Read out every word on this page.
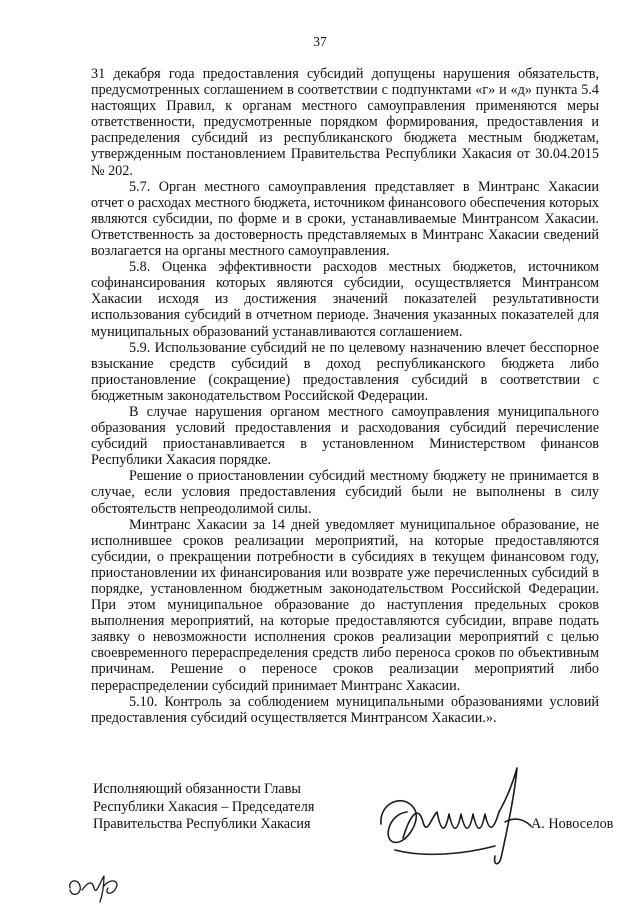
37

31 декабря года предоставления субсидий допущены нарушения обязательств, предусмотренных соглашением в соответствии с подпунктами «г» и «д» пункта 5.4 настоящих Правил, к органам местного самоуправления применяются меры ответственности, предусмотренные порядком формирования, предоставления и распределения субсидий из республиканского бюджета местным бюджетам, утвержденным постановлением Правительства Республики Хакасия от 30.04.2015 № 202.

5.7. Орган местного самоуправления представляет в Минтранс Хакасии отчет о расходах местного бюджета, источником финансового обеспечения которых являются субсидии, по форме и в сроки, устанавливаемые Минтрансом Хакасии. Ответственность за достоверность представляемых в Минтранс Хакасии сведений возлагается на органы местного самоуправления.

5.8. Оценка эффективности расходов местных бюджетов, источником софинансирования которых являются субсидии, осуществляется Минтрансом Хакасии исходя из достижения значений показателей результативности использования субсидий в отчетном периоде. Значения указанных показателей для муниципальных образований устанавливаются соглашением.

5.9. Использование субсидий не по целевому назначению влечет бесспорное взыскание средств субсидий в доход республиканского бюджета либо приостановление (сокращение) предоставления субсидий в соответствии с бюджетным законодательством Российской Федерации.

В случае нарушения органом местного самоуправления муниципального образования условий предоставления и расходования субсидий перечисление субсидий приостанавливается в установленном Министерством финансов Республики Хакасия порядке.

Решение о приостановлении субсидий местному бюджету не принимается в случае, если условия предоставления субсидий были не выполнены в силу обстоятельств непреодолимой силы.

Минтранс Хакасии за 14 дней уведомляет муниципальное образование, не исполнившее сроков реализации мероприятий, на которые предоставляются субсидии, о прекращении потребности в субсидиях в текущем финансовом году, приостановлении их финансирования или возврате уже перечисленных субсидий в порядке, установленном бюджетным законодательством Российской Федерации. При этом муниципальное образование до наступления предельных сроков выполнения мероприятий, на которые предоставляются субсидии, вправе подать заявку о невозможности исполнения сроков реализации мероприятий с целью своевременного перераспределения средств либо переноса сроков по объективным причинам. Решение о переносе сроков реализации мероприятий либо перераспределении субсидий принимает Минтранс Хакасии.

5.10. Контроль за соблюдением муниципальными образованиями условий предоставления субсидий осуществляется Минтрансом Хакасии.».

Исполняющий обязанности Главы
Республики Хакасия – Председателя
Правительства Республики Хакасия	А. Новоселов
